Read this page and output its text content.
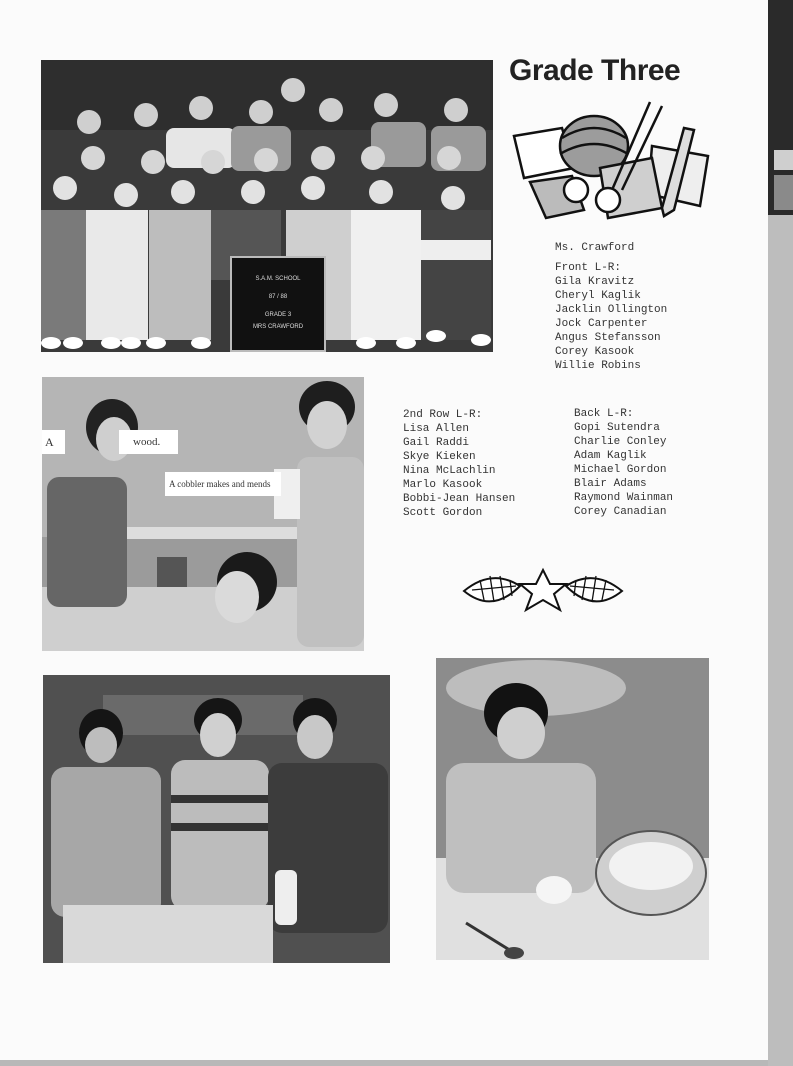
S.A.M. SCHOOL
87 / 88
GRADE 3
MRS CRAWFORD
Grade Three
Ms. Crawford
Front L-R:
Gila Kravitz
Cheryl Kaglik
Jacklin Ollington
Jock Carpenter
Angus Stefansson
Corey Kasook
Willie Robins
A	wood.
A cobbler makes and mends
2nd Row L-R:
Lisa Allen
Gail Raddi
Skye Kieken
Nina McLachlin
Marlo Kasook
Bobbi-Jean Hansen
Scott Gordon
Back L-R:
Gopi Sutendra
Charlie Conley
Adam Kaglik
Michael Gordon
Blair Adams
Raymond Wainman
Corey Canadian
